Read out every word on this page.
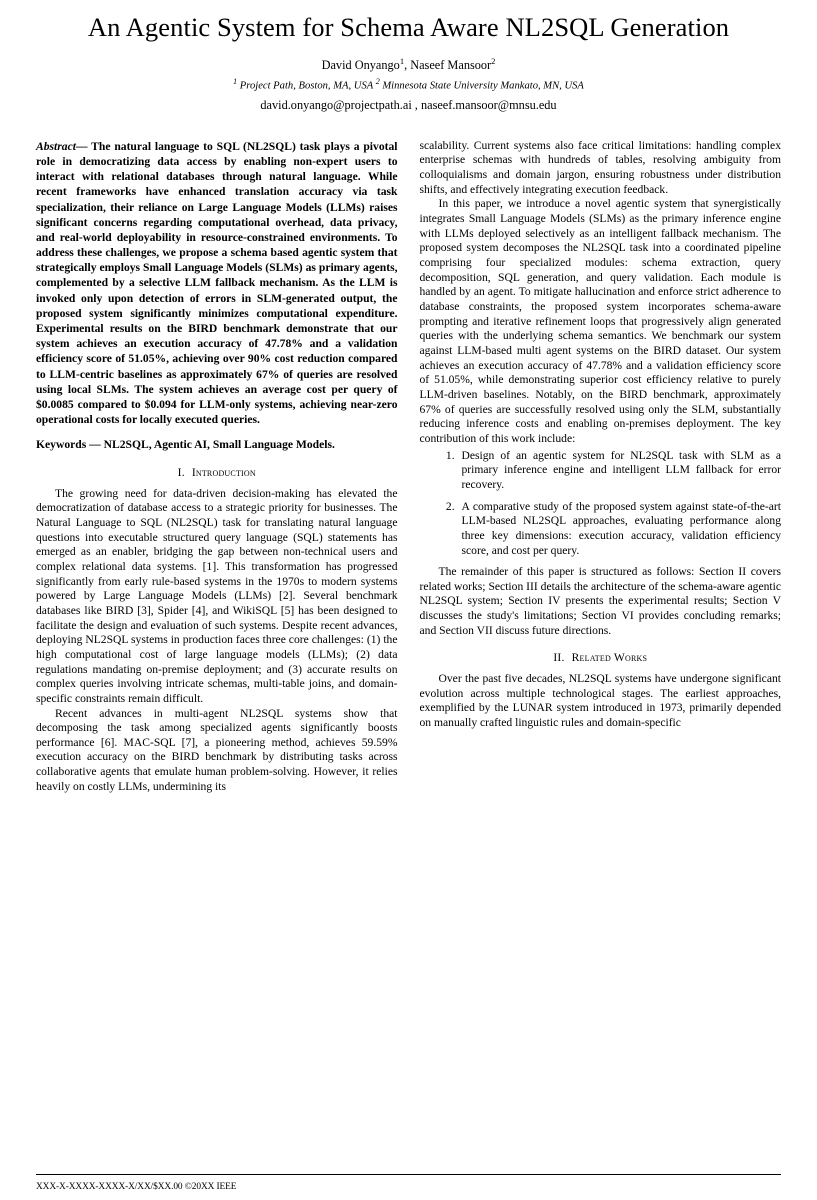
An Agentic System for Schema Aware NL2SQL Generation
David Onyango$^1$, Naseef Mansoor$^2$
$^1$ Project Path, Boston, MA, USA $^2$ Minnesota State University Mankato, MN, USA
david.onyango@projectpath.ai , naseef.mansoor@mnsu.edu

Abstract— The natural language to SQL (NL2SQL) task plays a pivotal role in democratizing data access by enabling non-expert users to interact with relational databases through natural language. While recent frameworks have enhanced translation accuracy via task specialization, their reliance on Large Language Models (LLMs) raises significant concerns regarding computational overhead, data privacy, and real-world deployability in resource-constrained environments. To address these challenges, we propose a schema based agentic system that strategically employs Small Language Models (SLMs) as primary agents, complemented by a selective LLM fallback mechanism. As the LLM is invoked only upon detection of errors in SLM-generated output, the proposed system significantly minimizes computational expenditure. Experimental results on the BIRD benchmark demonstrate that our system achieves an execution accuracy of 47.78% and a validation efficiency score of 51.05%, achieving over 90% cost reduction compared to LLM-centric baselines as approximately 67% of queries are resolved using local SLMs. The system achieves an average cost per query of $0.0085 compared to $0.094 for LLM-only systems, achieving near-zero operational costs for locally executed queries.

Keywords — NL2SQL, Agentic AI, Small Language Models.

I. Introduction

The growing need for data-driven decision-making has elevated the democratization of database access to a strategic priority for businesses. The Natural Language to SQL (NL2SQL) task for translating natural language questions into executable structured query language (SQL) statements has emerged as an enabler, bridging the gap between non-technical users and complex relational data systems. [1]. This transformation has progressed significantly from early rule-based systems in the 1970s to modern systems powered by Large Language Models (LLMs) [2]. Several benchmark databases like BIRD [3], Spider [4], and WikiSQL [5] has been designed to facilitate the design and evaluation of such systems. Despite recent advances, deploying NL2SQL systems in production faces three core challenges: (1) the high computational cost of large language models (LLMs); (2) data regulations mandating on-premise deployment; and (3) accurate results on complex queries involving intricate schemas, multi-table joins, and domain-specific constraints remain difficult.

Recent advances in multi-agent NL2SQL systems show that decomposing the task among specialized agents significantly boosts performance [6]. MAC-SQL [7], a pioneering method, achieves 59.59% execution accuracy on the BIRD benchmark by distributing tasks across collaborative agents that emulate human problem-solving. However, it relies heavily on costly LLMs, undermining its

scalability. Current systems also face critical limitations: handling complex enterprise schemas with hundreds of tables, resolving ambiguity from colloquialisms and domain jargon, ensuring robustness under distribution shifts, and effectively integrating execution feedback.

In this paper, we introduce a novel agentic system that synergistically integrates Small Language Models (SLMs) as the primary inference engine with LLMs deployed selectively as an intelligent fallback mechanism. The proposed system decomposes the NL2SQL task into a coordinated pipeline comprising four specialized modules: schema extraction, query decomposition, SQL generation, and query validation. Each module is handled by an agent. To mitigate hallucination and enforce strict adherence to database constraints, the proposed system incorporates schema-aware prompting and iterative refinement loops that progressively align generated queries with the underlying schema semantics. We benchmark our system against LLM-based multi agent systems on the BIRD dataset. Our system achieves an execution accuracy of 47.78% and a validation efficiency score of 51.05%, while demonstrating superior cost efficiency relative to purely LLM-driven baselines. Notably, on the BIRD benchmark, approximately 67% of queries are successfully resolved using only the SLM, substantially reducing inference costs and enabling on-premises deployment. The key contribution of this work include:

1. Design of an agentic system for NL2SQL task with SLM as a primary inference engine and intelligent LLM fallback for error recovery.
2. A comparative study of the proposed system against state-of-the-art LLM-based NL2SQL approaches, evaluating performance along three key dimensions: execution accuracy, validation efficiency score, and cost per query.

The remainder of this paper is structured as follows: Section II covers related works; Section III details the architecture of the schema-aware agentic NL2SQL system; Section IV presents the experimental results; Section V discusses the study's limitations; Section VI provides concluding remarks; and Section VII discuss future directions.

II. Related Works

Over the past five decades, NL2SQL systems have undergone significant evolution across multiple technological stages. The earliest approaches, exemplified by the LUNAR system introduced in 1973, primarily depended on manually crafted linguistic rules and domain-specific

XXX-X-XXXX-XXXX-X/XX/$XX.00 ©20XX IEEE
